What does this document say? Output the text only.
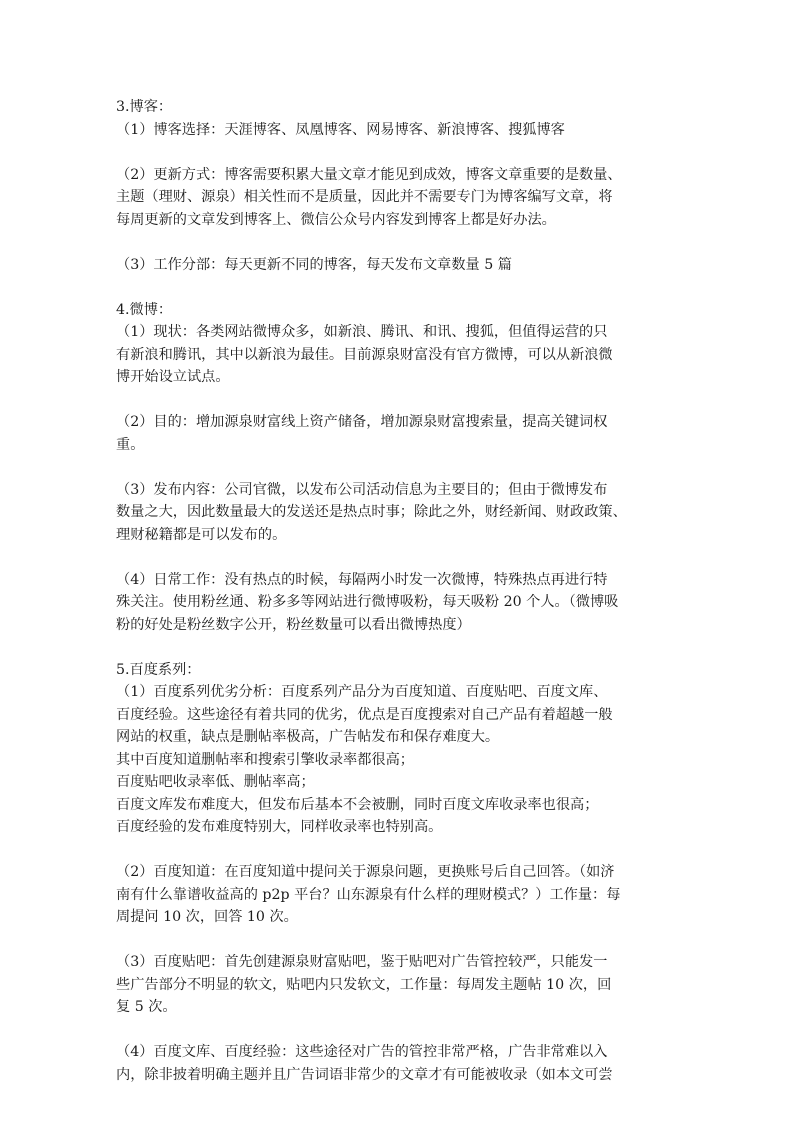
3.博客：
（1）博客选择：天涯博客、凤凰博客、网易博客、新浪博客、搜狐博客
（2）更新方式：博客需要积累大量文章才能见到成效，博客文章重要的是数量、
主题（理财、源泉）相关性而不是质量，因此并不需要专门为博客编写文章，将
每周更新的文章发到博客上、微信公众号内容发到博客上都是好办法。
（3）工作分部：每天更新不同的博客，每天发布文章数量 5 篇
4.微博：
（1）现状：各类网站微博众多，如新浪、腾讯、和讯、搜狐，但值得运营的只
有新浪和腾讯，其中以新浪为最佳。目前源泉财富没有官方微博，可以从新浪微
博开始设立试点。
（2）目的：增加源泉财富线上资产储备，增加源泉财富搜索量，提高关键词权
重。
（3）发布内容：公司官微，以发布公司活动信息为主要目的；但由于微博发布
数量之大，因此数量最大的发送还是热点时事；除此之外，财经新闻、财政政策、
理财秘籍都是可以发布的。
（4）日常工作：没有热点的时候，每隔两小时发一次微博，特殊热点再进行特
殊关注。使用粉丝通、粉多多等网站进行微博吸粉，每天吸粉 20 个人。（微博吸
粉的好处是粉丝数字公开，粉丝数量可以看出微博热度）
5.百度系列：
（1）百度系列优劣分析：百度系列产品分为百度知道、百度贴吧、百度文库、
百度经验。这些途径有着共同的优劣，优点是百度搜索对自己产品有着超越一般
网站的权重，缺点是删帖率极高，广告帖发布和保存难度大。
其中百度知道删帖率和搜索引擎收录率都很高；
百度贴吧收录率低、删帖率高；
百度文库发布难度大，但发布后基本不会被删，同时百度文库收录率也很高；
百度经验的发布难度特别大，同样收录率也特别高。
（2）百度知道：在百度知道中提问关于源泉问题，更换账号后自己回答。（如济
南有什么靠谱收益高的 p2p 平台？山东源泉有什么样的理财模式？）工作量：每
周提问 10 次，回答 10 次。
（3）百度贴吧：首先创建源泉财富贴吧，鉴于贴吧对广告管控较严，只能发一
些广告部分不明显的软文，贴吧内只发软文，工作量：每周发主题帖 10 次，回
复 5 次。
（4）百度文库、百度经验：这些途径对广告的管控非常严格，广告非常难以入
内，除非披着明确主题并且广告词语非常少的文章才有可能被收录（如本文可尝
